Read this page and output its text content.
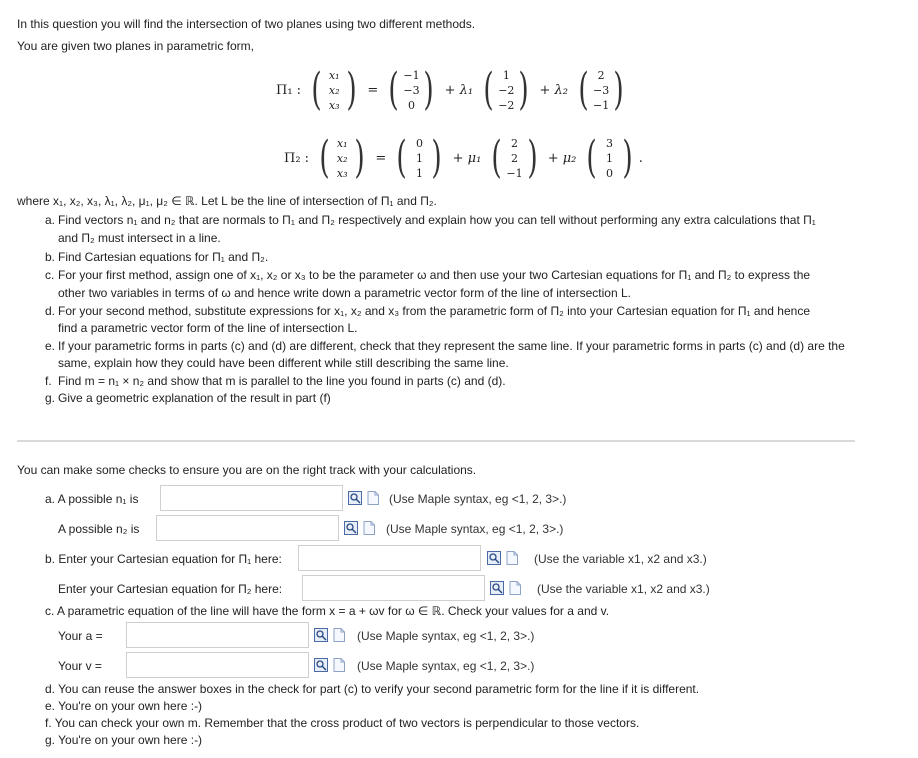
In this question you will find the intersection of two planes using two different methods.
You are given two planes in parametric form,
Π₁ : ( x₁
x₂
x₃ ) = ( −1
−3
0 ) + λ₁ ( 1
−2
−2 ) + λ₂ ( 2
−3
−1 )
Π₂ : ( x₁
x₂
x₃ ) = ( 0
1
1 ) + μ₁ ( 2
2
−1 ) + μ₂ ( 3
1
0 ) .
where x₁, x₂, x₃, λ₁, λ₂, μ₁, μ₂ ∈ ℝ. Let L be the line of intersection of Π₁ and Π₂.
a. Find vectors n₁ and n₂ that are normals to Π₁ and Π₂ respectively and explain how you can tell without performing any extra calculations that Π₁
and Π₂ must intersect in a line.
b. Find Cartesian equations for Π₁ and Π₂.
c. For your first method, assign one of x₁, x₂ or x₃ to be the parameter ω and then use your two Cartesian equations for Π₁ and Π₂ to express the
other two variables in terms of ω and hence write down a parametric vector form of the line of intersection L.
d. For your second method, substitute expressions for x₁, x₂ and x₃ from the parametric form of Π₂ into your Cartesian equation for Π₁ and hence
find a parametric vector form of the line of intersection L.
e. If your parametric forms in parts (c) and (d) are different, check that they represent the same line. If your parametric forms in parts (c) and (d) are the
same, explain how they could have been different while still describing the same line.
f. Find m = n₁ × n₂ and show that m is parallel to the line you found in parts (c) and (d).
g. Give a geometric explanation of the result in part (f)
You can make some checks to ensure you are on the right track with your calculations.
a. A possible n₁ is	(Use Maple syntax, eg <1, 2, 3>.)
A possible n₂ is	(Use Maple syntax, eg <1, 2, 3>.)
b. Enter your Cartesian equation for Π₁ here:	(Use the variable x1, x2 and x3.)
Enter your Cartesian equation for Π₂ here:	(Use the variable x1, x2 and x3.)
c. A parametric equation of the line will have the form x = a + ωv for ω ∈ ℝ. Check your values for a and v.
Your a =	(Use Maple syntax, eg <1, 2, 3>.)
Your v =	(Use Maple syntax, eg <1, 2, 3>.)
d. You can reuse the answer boxes in the check for part (c) to verify your second parametric form for the line if it is different.
e. You're on your own here :-)
f. You can check your own m. Remember that the cross product of two vectors is perpendicular to those vectors.
g. You're on your own here :-)
